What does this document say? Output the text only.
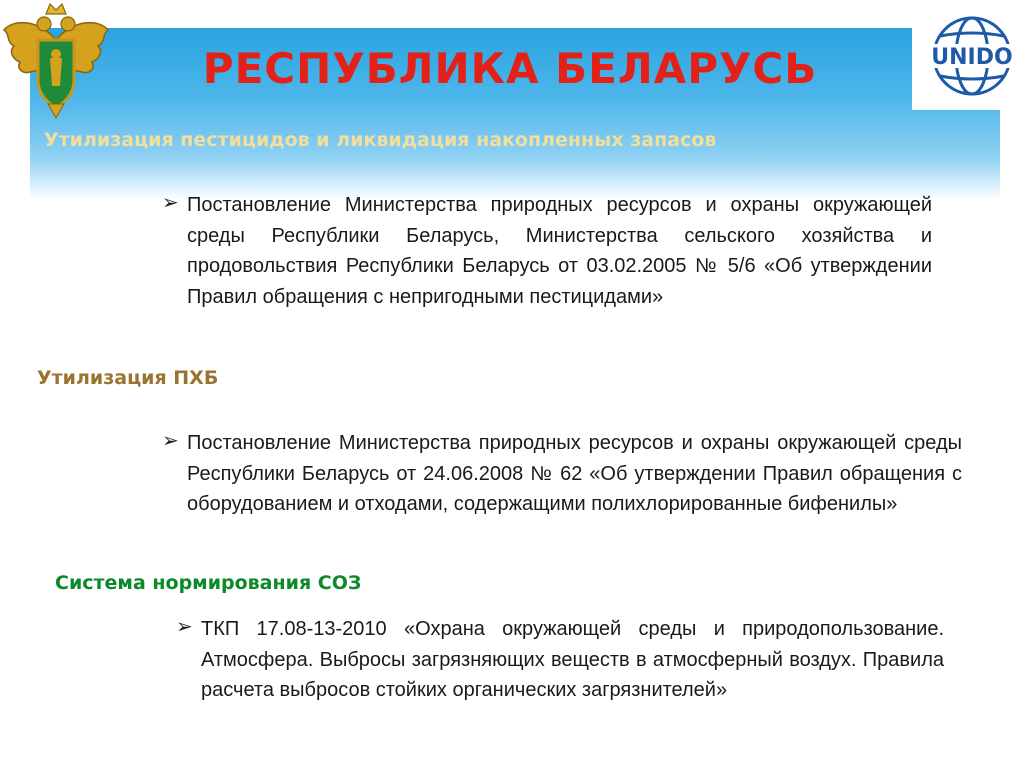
UNIDO
РЕСПУБЛИКА БЕЛАРУСЬ
Утилизация пестицидов и ликвидация накопленных запасов
➢ Постановление Министерства природных ресурсов и охраны окружающей среды Республики Беларусь, Министерства сельского хозяйства и продовольствия Республики Беларусь от 03.02.2005 № 5/6 «Об утверждении Правил обращения с непригодными пестицидами»

Утилизация ПХБ
➢ Постановление Министерства природных ресурсов и охраны окружающей среды Республики Беларусь от 24.06.2008 № 62 «Об утверждении Правил обращения с оборудованием и отходами, содержащими полихлорированные бифенилы»

Система нормирования СОЗ
➢ ТКП 17.08-13-2010 «Охрана окружающей среды и природопользование. Атмосфера. Выбросы загрязняющих веществ в атмосферный воздух. Правила расчета выбросов стойких органических загрязнителей»
